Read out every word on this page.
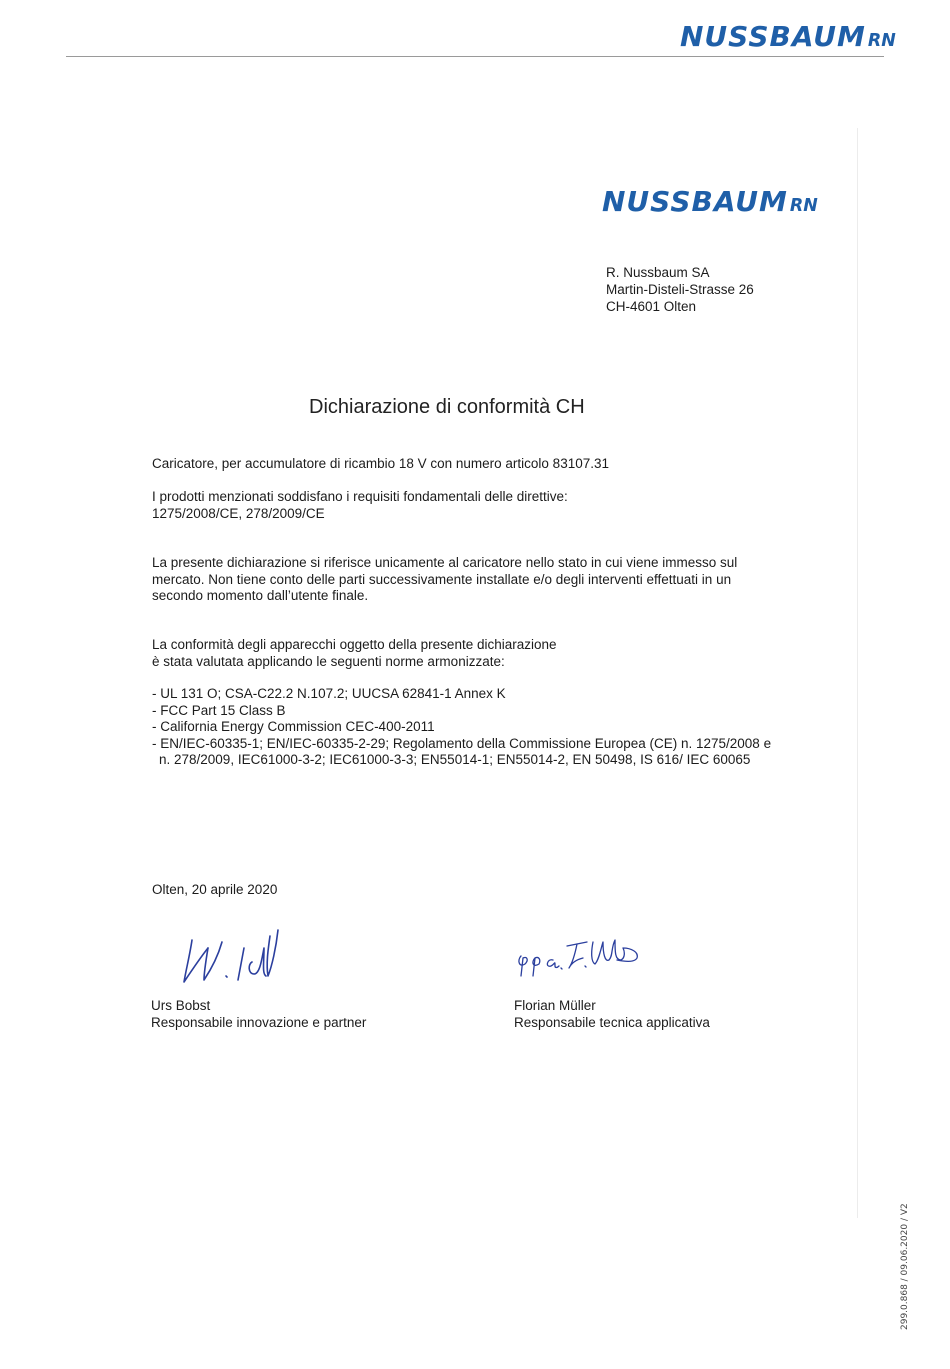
NUSSBAUM RN
NUSSBAUM RN
R. Nussbaum SA
Martin-Disteli-Strasse 26
CH-4601 Olten
Dichiarazione di conformità CH
Caricatore, per accumulatore di ricambio 18 V con numero articolo 83107.31
I prodotti menzionati soddisfano i requisiti fondamentali delle direttive:
1275/2008/CE, 278/2009/CE
La presente dichiarazione si riferisce unicamente al caricatore nello stato in cui viene immesso sul
mercato. Non tiene conto delle parti successivamente installate e/o degli interventi effettuati in un
secondo momento dall’utente finale.
La conformità degli apparecchi oggetto della presente dichiarazione
è stata valutata applicando le seguenti norme armonizzate:
- UL 131 O; CSA-C22.2 N.107.2; UUCSA 62841-1 Annex K
- FCC Part 15 Class B
- California Energy Commission CEC-400-2011
- EN/IEC-60335-1; EN/IEC-60335-2-29; Regolamento della Commissione Europea (CE) n. 1275/2008 e
n. 278/2009, IEC61000-3-2; IEC61000-3-3; EN55014-1; EN55014-2, EN 50498, IS 616/ IEC 60065
Olten, 20 aprile 2020
Urs Bobst
Responsabile innovazione e partner
Florian Müller
Responsabile tecnica applicativa
299.0.868 / 09.06.2020 / V2
